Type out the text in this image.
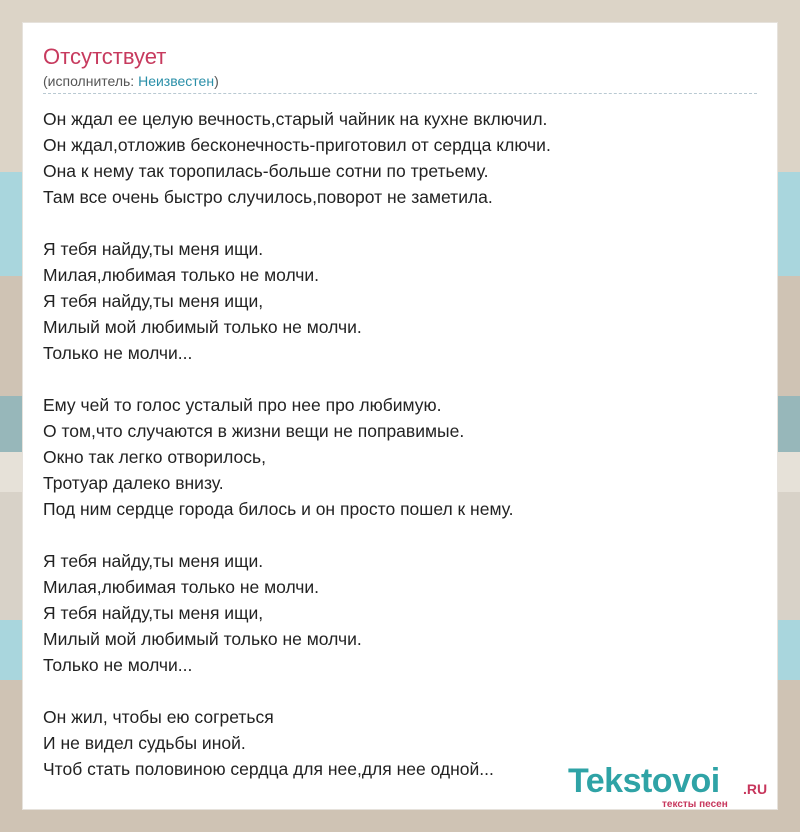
Отсутствует
(исполнитель: Неизвестен)
Он ждал ее целую вечность,старый чайник на кухне включил.
Он ждал,отложив бесконечность-приготовил от сердца ключи.
Она к нему так торопилась-больше сотни по третьему.
Там все очень быстро случилось,поворот не заметила.
Я тебя найду,ты меня ищи.
Милая,любимая только не молчи.
Я тебя найду,ты меня ищи,
Милый мой любимый только не молчи.
Только не молчи...
Ему чей то голос усталый про нее про любимую.
О том,что случаются в жизни вещи не поправимые.
Окно так легко отворилось,
Тротуар далеко внизу.
Под ним сердце города билось и он просто пошел к нему.
Я тебя найду,ты меня ищи.
Милая,любимая только не молчи.
Я тебя найду,ты меня ищи,
Милый мой любимый только не молчи.
Только не молчи...
Он жил, чтобы ею согреться
И не видел судьбы иной.
Чтоб стать половиною сердца для нее,для нее одной...	Tekstovoi .RU
тексты песен
